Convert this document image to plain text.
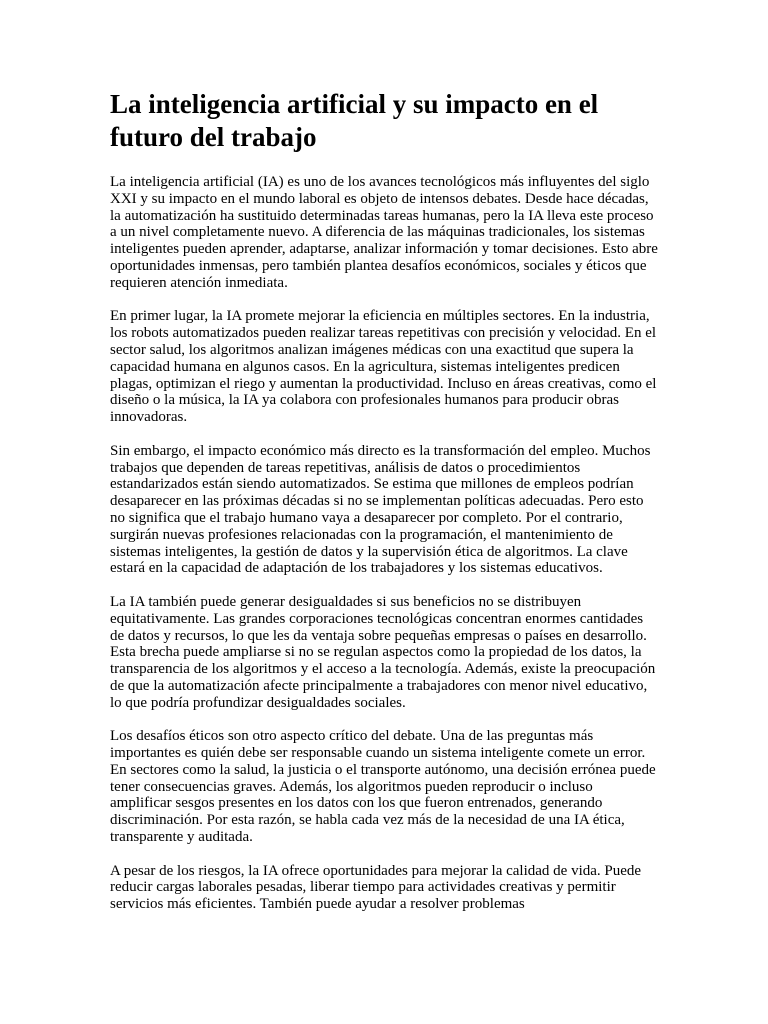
La inteligencia artificial y su impacto en el futuro del trabajo

La inteligencia artificial (IA) es uno de los avances tecnológicos más influyentes del siglo XXI y su impacto en el mundo laboral es objeto de intensos debates. Desde hace décadas, la automatización ha sustituido determinadas tareas humanas, pero la IA lleva este proceso a un nivel completamente nuevo. A diferencia de las máquinas tradicionales, los sistemas inteligentes pueden aprender, adaptarse, analizar información y tomar decisiones. Esto abre oportunidades inmensas, pero también plantea desafíos económicos, sociales y éticos que requieren atención inmediata.

En primer lugar, la IA promete mejorar la eficiencia en múltiples sectores. En la industria, los robots automatizados pueden realizar tareas repetitivas con precisión y velocidad. En el sector salud, los algoritmos analizan imágenes médicas con una exactitud que supera la capacidad humana en algunos casos. En la agricultura, sistemas inteligentes predicen plagas, optimizan el riego y aumentan la productividad. Incluso en áreas creativas, como el diseño o la música, la IA ya colabora con profesionales humanos para producir obras innovadoras.

Sin embargo, el impacto económico más directo es la transformación del empleo. Muchos trabajos que dependen de tareas repetitivas, análisis de datos o procedimientos estandarizados están siendo automatizados. Se estima que millones de empleos podrían desaparecer en las próximas décadas si no se implementan políticas adecuadas. Pero esto no significa que el trabajo humano vaya a desaparecer por completo. Por el contrario, surgirán nuevas profesiones relacionadas con la programación, el mantenimiento de sistemas inteligentes, la gestión de datos y la supervisión ética de algoritmos. La clave estará en la capacidad de adaptación de los trabajadores y los sistemas educativos.

La IA también puede generar desigualdades si sus beneficios no se distribuyen equitativamente. Las grandes corporaciones tecnológicas concentran enormes cantidades de datos y recursos, lo que les da ventaja sobre pequeñas empresas o países en desarrollo. Esta brecha puede ampliarse si no se regulan aspectos como la propiedad de los datos, la transparencia de los algoritmos y el acceso a la tecnología. Además, existe la preocupación de que la automatización afecte principalmente a trabajadores con menor nivel educativo, lo que podría profundizar desigualdades sociales.

Los desafíos éticos son otro aspecto crítico del debate. Una de las preguntas más importantes es quién debe ser responsable cuando un sistema inteligente comete un error. En sectores como la salud, la justicia o el transporte autónomo, una decisión errónea puede tener consecuencias graves. Además, los algoritmos pueden reproducir o incluso amplificar sesgos presentes en los datos con los que fueron entrenados, generando discriminación. Por esta razón, se habla cada vez más de la necesidad de una IA ética, transparente y auditada.

A pesar de los riesgos, la IA ofrece oportunidades para mejorar la calidad de vida. Puede reducir cargas laborales pesadas, liberar tiempo para actividades creativas y permitir servicios más eficientes. También puede ayudar a resolver problemas
